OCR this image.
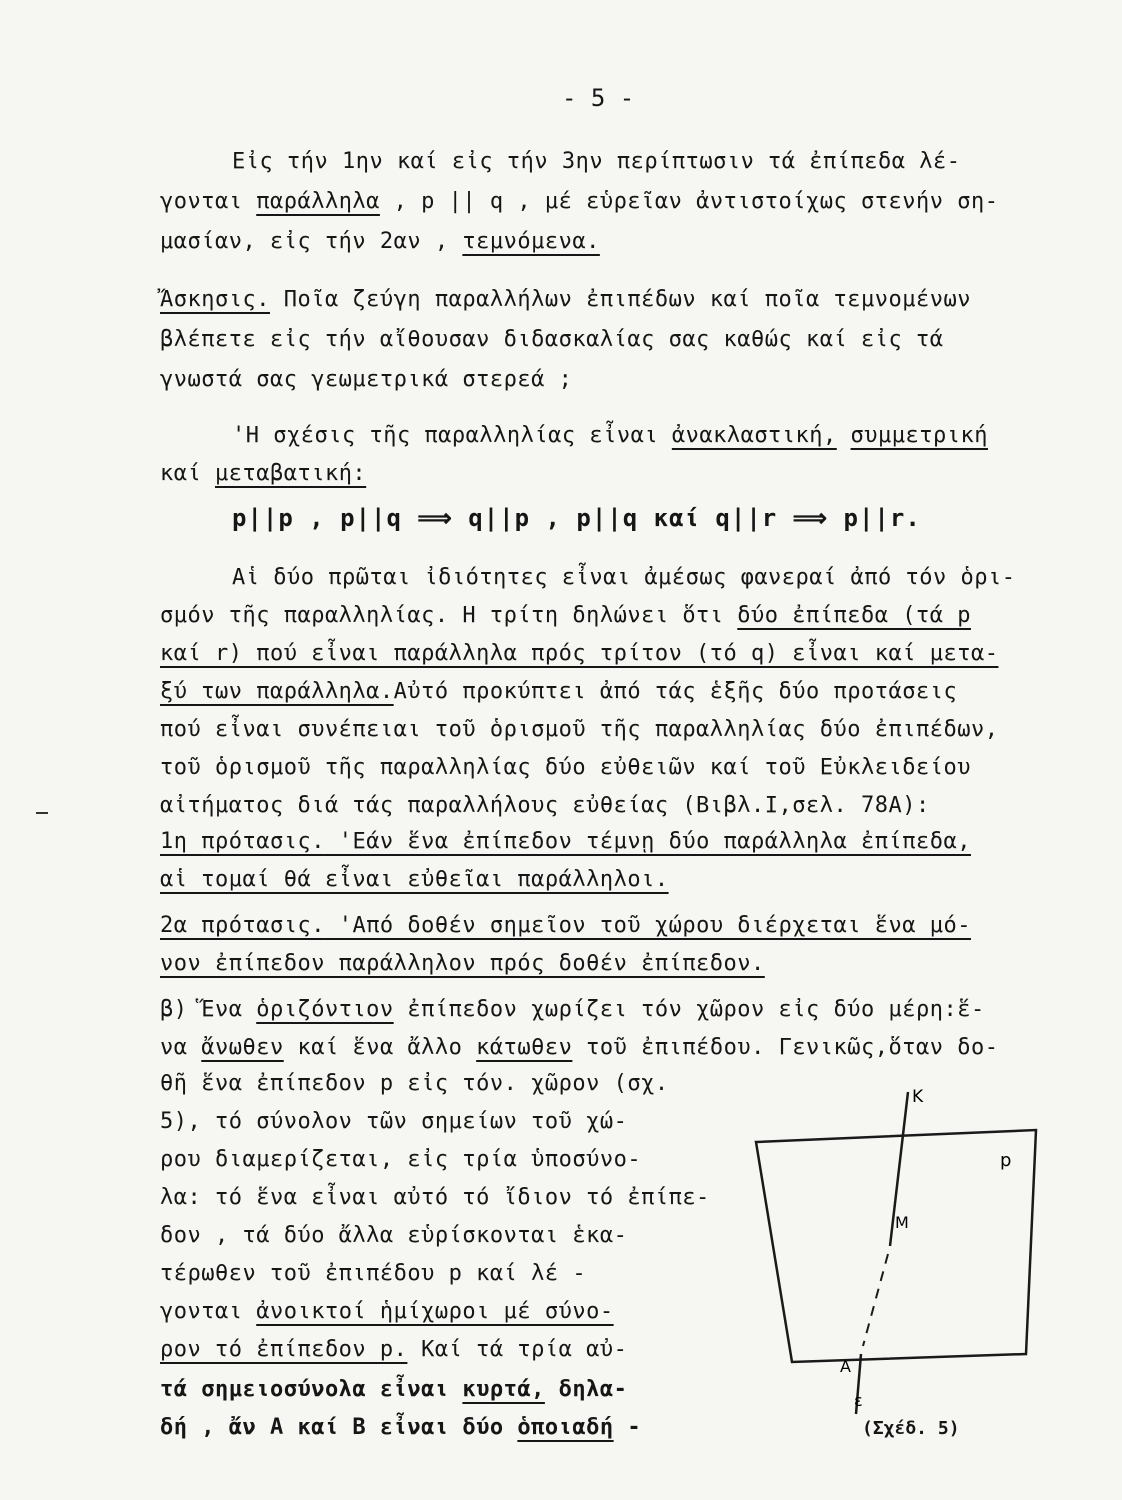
- 5 -
Εἰς τήν 1ην καί εἰς τήν 3ην περίπτωσιν τά ἐπίπεδα λέ-
γονται παράλληλα , p || q , μέ εὑρεῖαν ἀντιστοίχως στενήν ση-
μασίαν, εἰς τήν 2αν , τεμνόμενα.
Ἄσκησις. Ποῖα ζεύγη παραλλήλων ἐπιπέδων καί ποῖα τεμνομένων
βλέπετε εἰς τήν αἴθουσαν διδασκαλίας σας καθώς καί εἰς τά
γνωστά σας γεωμετρικά στερεά ;
'Η σχέσις τῆς παραλληλίας εἶναι ἀνακλαστική, συμμετρική
καί μεταβατική:
p||p , p||q ⟹ q||p , p||q καί q||r ⟹ p||r.
Αἱ δύο πρῶται ἰδιότητες εἶναι ἀμέσως φανεραί ἀπό τόν ὁρι-
σμόν τῆς παραλληλίας. Η τρίτη δηλώνει ὅτι δύο ἐπίπεδα (τά p
καί r) πού εἶναι παράλληλα πρός τρίτον (τό q) εἶναι καί μετα-
ξύ των παράλληλα.Αὐτό προκύπτει ἀπό τάς ἑξῆς δύο προτάσεις
πού εἶναι συνέπειαι τοῦ ὁρισμοῦ τῆς παραλληλίας δύο ἐπιπέδων,
τοῦ ὁρισμοῦ τῆς παραλληλίας δύο εὐθειῶν καί τοῦ Εὐκλειδείου
αἰτήματος διά τάς παραλλήλους εὐθείας (Βιβλ.Ι,σελ. 78Α):
1η πρότασις. 'Εάν ἕνα ἐπίπεδον τέμνῃ δύο παράλληλα ἐπίπεδα,
αἱ τομαί θά εἶναι εὐθεῖαι παράλληλοι.
2α πρότασις. 'Από δοθέν σημεῖον τοῦ χώρου διέρχεται ἕνα μό-
νον ἐπίπεδον παράλληλον πρός δοθέν ἐπίπεδον.
β) Ἕνα ὁριζόντιον ἐπίπεδον χωρίζει τόν χῶρον εἰς δύο μέρη:ἕ-
να ἄνωθεν καί ἕνα ἄλλο κάτωθεν τοῦ ἐπιπέδου. Γενικῶς,ὅταν δο-
θῆ ἕνα ἐπίπεδον p εἰς τόν. χῶρον (σχ.
5), τό σύνολον τῶν σημείων τοῦ χώ-
ρου διαμερίζεται, εἰς τρία ὑποσύνο-
λα: τό ἕνα εἶναι αὐτό τό ἴδιον τό ἐπίπε-
δον , τά δύο ἄλλα εὑρίσκονται ἑκα-
τέρωθεν τοῦ ἐπιπέδου p καί λέ -
γονται ἀνοικτοί ἡμίχωροι μέ σύνο-
ρον τό ἐπίπεδον p. Καί τά τρία αὐ-
τά σημειοσύνολα εἶναι κυρτά, δηλα-
δή , ἄν Α καί Β εἶναι δύο ὁποιαδή -
K
p
M
A
ε
(Σχέδ. 5)
